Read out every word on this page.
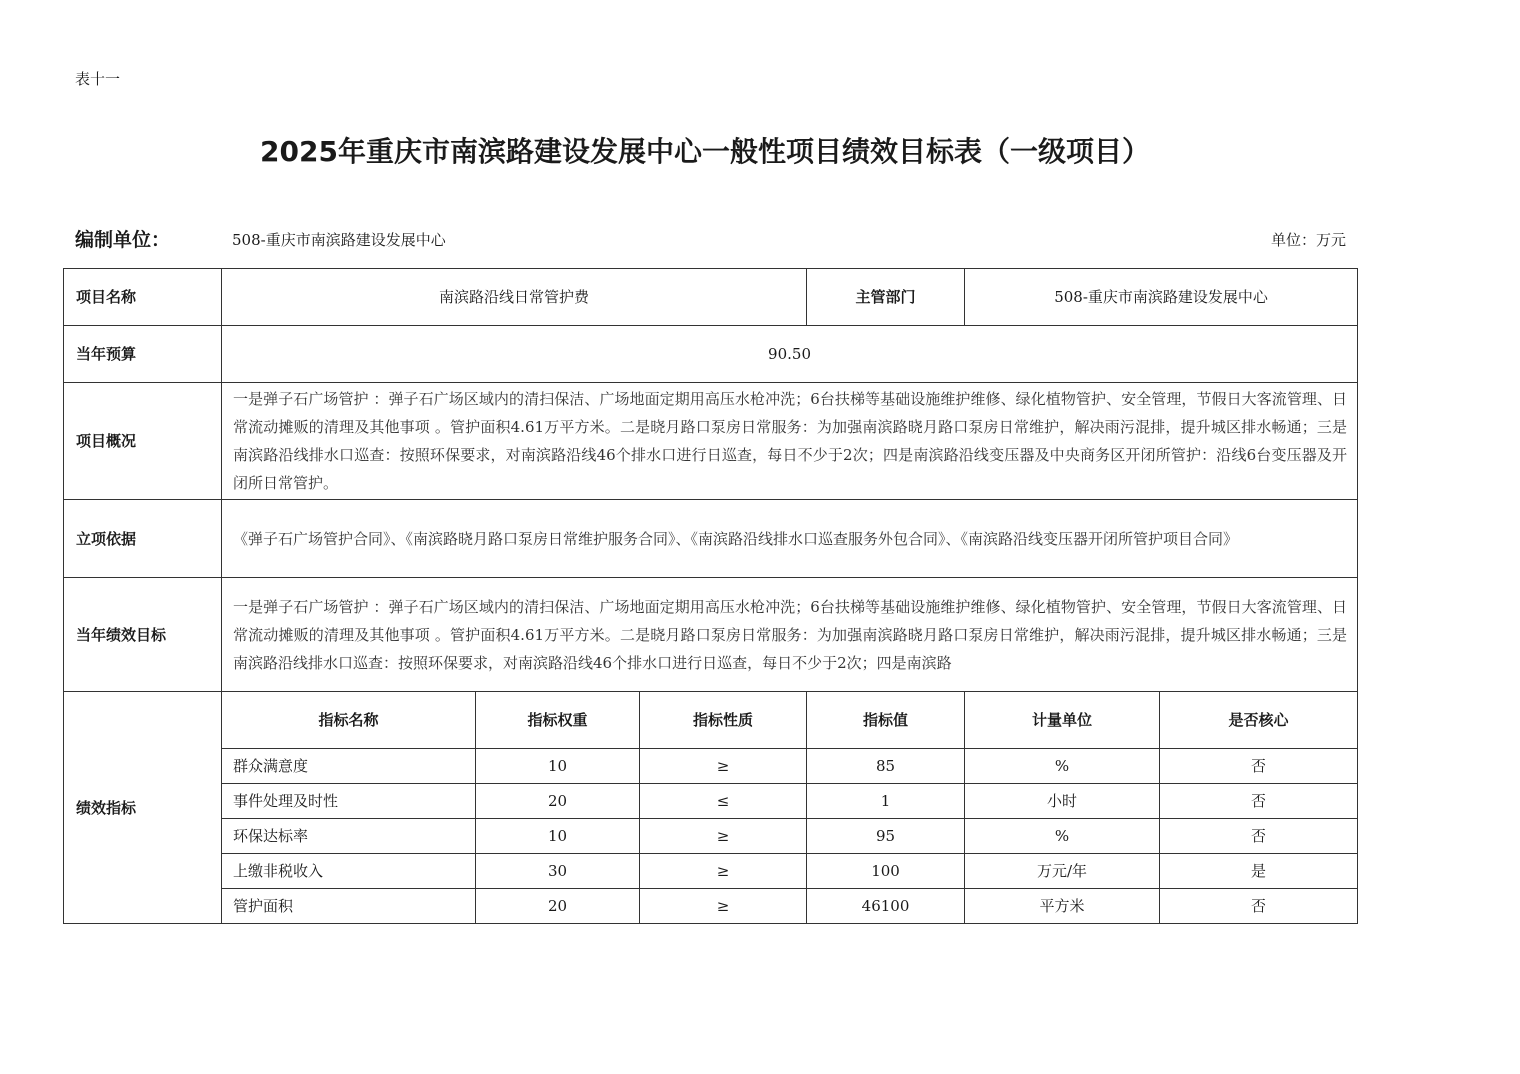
表十一
2025年重庆市南滨路建设发展中心一般性项目绩效目标表（一级项目）
编制单位：	508-重庆市南滨路建设发展中心	单位：万元
项目名称	南滨路沿线日常管护费			主管部门	508-重庆市南滨路建设发展中心	
当年预算	90.50					
项目概况	一是弹子石广场管护 ：弹子石广场区域内的清扫保洁、广场地面定期用高压水枪冲洗；6台扶梯等基础设施维护维修、绿化植物管护、安全管理，节假日大客流管理、日常流动摊贩的清理及其他事项 。管护面积4.61万平方米。二是晓月路口泵房日常服务：为加强南滨路晓月路口泵房日常维护，解决雨污混排，提升城区排水畅通；三是南滨路沿线排水口巡查：按照环保要求，对南滨路沿线46个排水口进行日巡查，每日不少于2次；四是南滨路沿线变压器及中央商务区开闭所管护：沿线6台变压器及开闭所日常管护。					
立项依据	《弹子石广场管护合同》、《南滨路晓月路口泵房日常维护服务合同》、《南滨路沿线排水口巡查服务外包合同》、《南滨路沿线变压器开闭所管护项目合同》					
当年绩效目标	一是弹子石广场管护 ：弹子石广场区域内的清扫保洁、广场地面定期用高压水枪冲洗；6台扶梯等基础设施维护维修、绿化植物管护、安全管理，节假日大客流管理、日常流动摊贩的清理及其他事项 。管护面积4.61万平方米。二是晓月路口泵房日常服务：为加强南滨路晓月路口泵房日常维护，解决雨污混排，提升城区排水畅通；三是南滨路沿线排水口巡查：按照环保要求，对南滨路沿线46个排水口进行日巡查，每日不少于2次；四是南滨路					
绩效指标	指标名称	指标权重	指标性质	指标值	计量单位	是否核心
	群众满意度	10	≥	85	%	否
	事件处理及时性	20	≤	1	小时	否
	环保达标率	10	≥	95	%	否
	上缴非税收入	30	≥	100	万元/年	是
	管护面积	20	≥	46100	平方米	否
